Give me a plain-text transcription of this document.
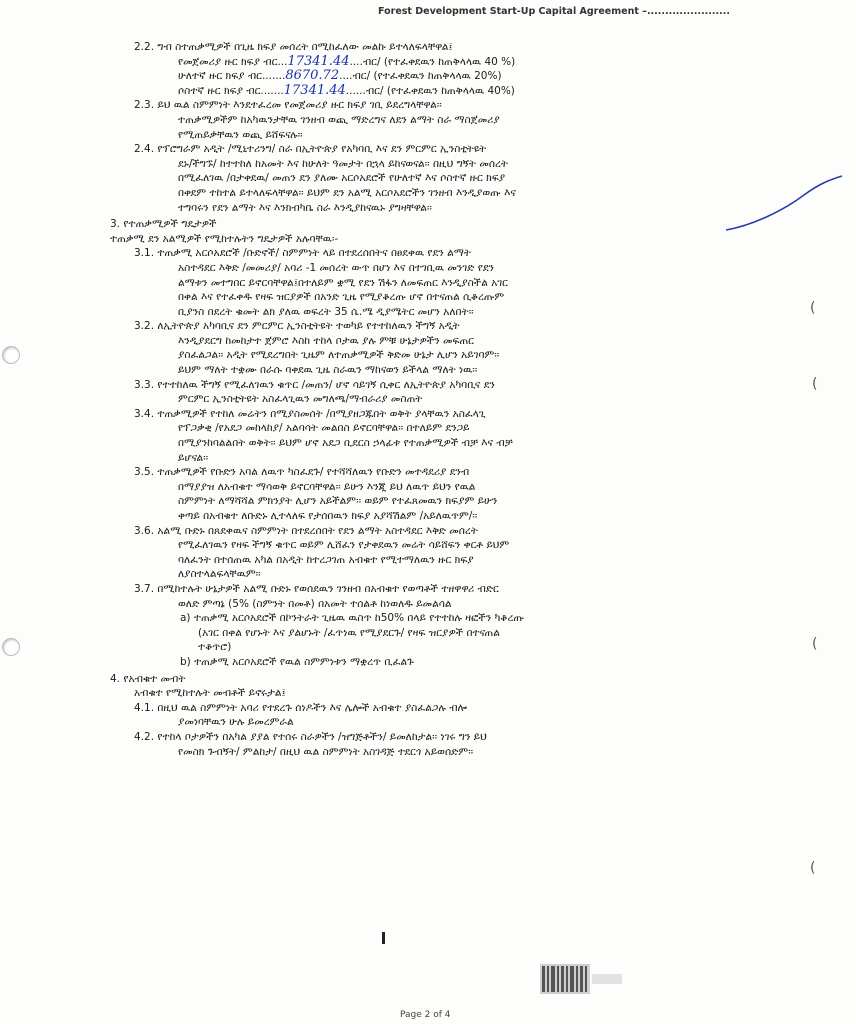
Forest Development Start-Up Capital Agreement –.......................
(
(
(
(
2.2. ግብ ስተጠቃሚዎች በጊዜ ክፍያ መሰረት በሚከፈለው መልኩ ይተላለፍላቸዋል፤
የመጀመሪያ ዙር ክፍያ ብር...17341.44....ብር/ (የተፈቀደዉን ከጠቅላላዉ 40 %)
ሁለተኛ ዙር ክፍያ ብር.......8670.72....ብር/ (የተፈቀደዉን ከጠቅላላዉ 20%)
ሶስተኛ ዙር ክፍያ ብር.......17341.44......ብር/ (የተፈቀደዉን ከጠቅላላዉ 40%)
2.3. ይህ ዉል ስምምነት እንደተፈረመ የመጀመሪያ ዙር ክፍያ ገቢ ይደረግላቸዋል፡፡
ተጠቃሚዎችም ከአካዉንታቸዉ ገንዘብ ወጪ ማድረግና ለደን ልማት ስራ ማስጀመሪያ
የሚጠይቃቸዉን ወጪ ይሸፍናሉ፡፡
2.4. የፕሮግራም አዲት /ሚኒተሪንግ/ ስራ በኢትዮጵያ የአካባቢ እና ደን ምርምር ኢንስቲትዩት
ደኑ/ችግኙ/ ከተተከለ ከአመት እና ከሁለት ዓመታት በኋላ ይከናወናል፡፡ በዚህ ግኝት መሰረት
በሚፈለገዉ /በታቀደዉ/ መጠን ደን ያለሙ አርሶአደሮች የሁለተኛ እና ሶስተኛ ዙር ክፍያ
በቀደም ተከተል ይተላለፍላቸዋል፡፡ ይህም ደን አልሚ አርሶአደሮችን ገንዘብ እንዲያወጡ እና
ተግባሩን የደን ልማት እና እንክብካቤ ስራ እንዲያከናዉኑ ያግዛቸዋል፡፡
3. የተጠቃሚዎች ግዴታዎች
ተጠቃሚ ደን አልሚዎች የሚከተሉትን ግዴታዎች አሉባቸዉ፡-
3.1. ተጠቃሚ አርሶአደሮች /ቡድኖች/ ስምምነት ላይ በተደረሰበትና በፀደቀዉ የደን ልማት
አስተዳደር እቅድ /መመሪያ/ አባሪ -1 መሰረት ውጥ በሆነ እና በተገቢዉ መንገድ የደን
ልማቱን መተግበር ይኖርባቸዋል፤በተለይም ቋሚ የደን ሽፋን ለመፍጠር እንዲያስችል አገር
በቀል እና የተፈቀዱ የዛፍ ዝርያዎች በአንድ ጊዜ የሚያቆረጡ ሆኖ በተናጠል ሲቆረጡም
ቢያንስ በደረት ቁመት ልክ ያለዉ ወፍረት 35 ሴ.ሜ ዲያሜትር መሆን አለበት፡፡
3.2. ለኢትዮጵያ አካባቢና ደን ምርምር ኢንስቲትዩት ተወካይ የተተከለዉን ችግኝ አዲት
እንዲያደርግ ከመከታተ ጀምሮ እስከ ተከላ ቦታዉ ያሉ ምቹ ሁኔታዎችን መፍጠር
ያስፈልጋል፡፡ አዲት የሚደረግበት ጊዜም ለተጠቃሚዎች ቅድመ ሁኔታ ሊሆን አይገባም፡፡
ይህም ማለት ተቋሙ በራሱ ባቀደዉ ጊዜ ስራዉን ማከናወን ይችላል ማለት ነዉ፡፡
3.3. የተተከለዉ ችግኝ የሚፈለገዉን ቁጥር /መጠን/ ሆኖ ሳይገኝ ሲቀር ለኢትዮጵያ አካባቢና ደን
ምርምር ኢንስቲትዩት አስፈላጊዉን መግለጫ/ማብራሪያ መስጠት
3.4. ተጠቃሚዎች የተከለ መሬትን በሚያስመሰት /በሚያዘጋጁበት ወቅት ያላቸዉን አስፈላጊ
የፕጋቃቂ /የአደጋ መከላከያ/ አልባሳት መልበስ ይኖርባቸዋል፡፡ በተለይም ደንጋይ
በሚያንከባልልበት ወቅት፡፡ ይህም ሆኖ አደጋ ቢደርስ ኃላፊቱ የተጠቃሚዎች ብቻ እና ብቻ
ይሆናል፡፡
3.5. ተጠቃሚዎች የቡድን አባል ለዉጥ ካስፈደጉ/ የተሻሻለዉን የቡድን መተዳደሪያ ደንብ
በማያያዝ ለአብቁተ ማሳወቅ ይኖርባቸዋል፡፡ ይሁን እንጂ ይህ ለዉጥ ይህን የዉል
ስምምነት ለማሻሻል ምክንያት ሊሆን አይችልም፡፡ ወይም የተፈጸመዉን ክፍያም ይሁን
ቀጣይ በአብቁተ ለቡድኑ ሊተላለፍ የታሰበዉን ክፍያ አያሻሽልም /አይለዉጥም/፡፡
3.6. አልሚ ቡድኑ በጸደቀዉና ስምምነት በተደረሰበት የደን ልማት አስተዳደር እቅድ መሰረት
የሚፈለገዉን የዛፍ ችግኝ ቁጥር ወይም ሊሸፈን የታቀደዉን መሬት ሳይሸፍን ቀርቶ ይህም
ባለፈንት በተሰጠዉ አካል በአዲት ከተረጋገጠ አብቁተ የሚተማለዉን ዙር ክፍያ
ለያስተላልፍላቸዉም፡፡
3.7. በሚከተሉት ሁኔታዎች አልሚ ቡድኑ የወሰደዉን ገንዘብ በአብቁተ የወጣቶች ተዘዋዋሪ ብድር
ወለድ ምጣኔ (5% (ስምንት በመቶ) በአመት ተሰልቶ ከነወለዱ ይመልሳል
a) ተጠቃሚ አርሶአደሮች በኮንትራት ጊዜዉ ዉስጥ ከ50% በላይ የተተከሉ ዛፎችን ካቆረጡ
(አገር በቀል የሆኑት እና ያልሆኑት /ፈጥነዉ የሚያደርጉ/ የዛፍ ዝርያዎች በተናጠል
ተቆጥሮ)
b) ተጠቃሚ አርሶአደሮች የዉል ስምምነቱን ማቋረጥ ቢፈልጉ
4. የአብቁተ መብት
አብቁተ የሚከተሉት መብቶች ይኖሩታል፤
4.1. በዚህ ዉል ስምምነት አባሪ የተደረጉ ሰነዶችን እና ሌሎች አብቁተ ያስፈልጋሉ ብሎ
ያመነባቸዉን ሁሉ ይመረምራል
4.2. የተከላ ቦታዎችን በአካል ያያል የተሰሩ ስራዎችን /ዝግጅቶችን/ ይመለከታል፡፡ ነገሩ ግን ይህ
የመስክ ጉብኝት/ ምልከታ/ በዚህ ዉል ስምምነት አስገዳጅ ተደርጎ አይወሰድም፡፡
Page 2 of 4
